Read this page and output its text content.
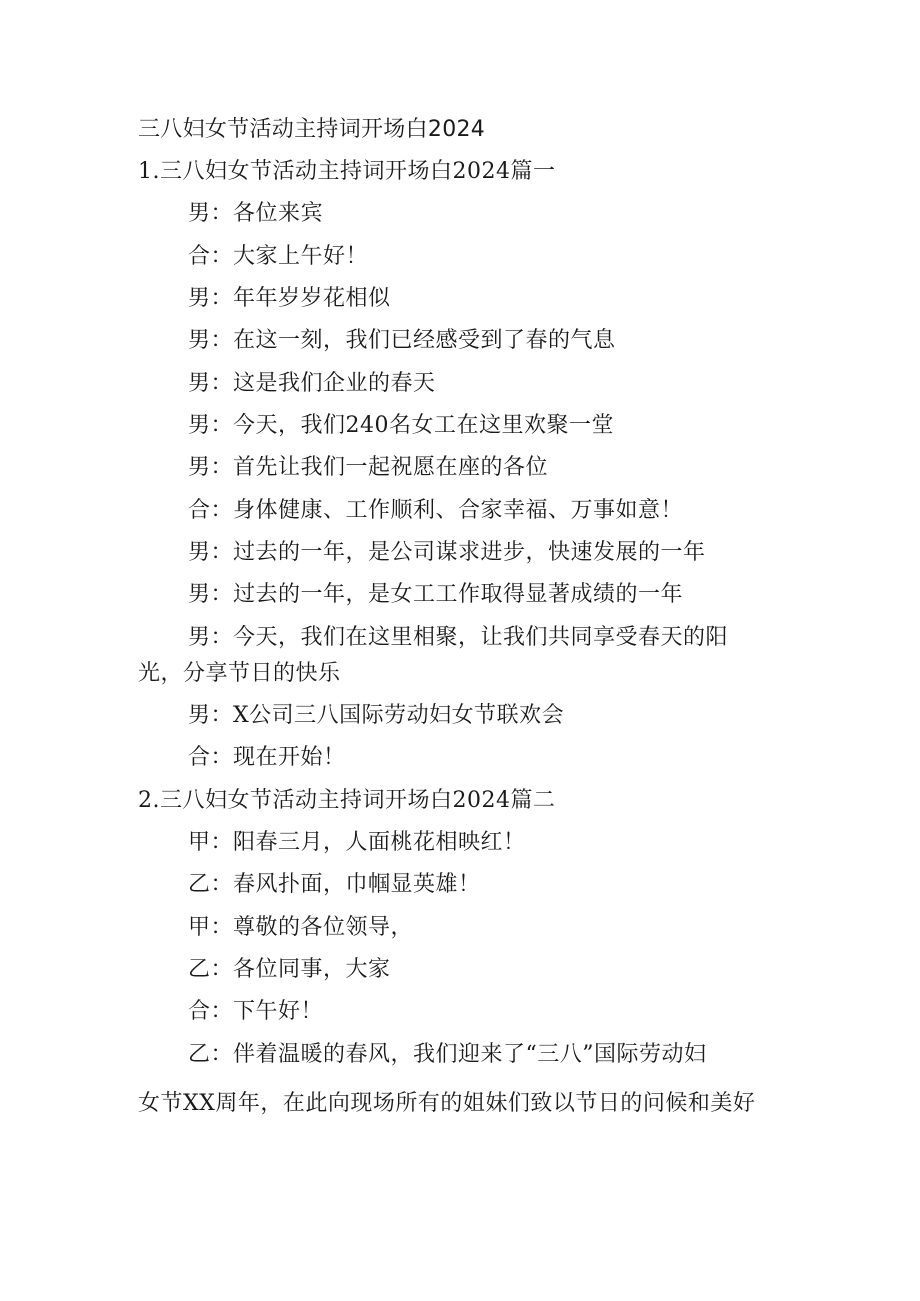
三八妇女节活动主持词开场白2024
1.三八妇女节活动主持词开场白2024篇一
男：各位来宾
合：大家上午好！
男：年年岁岁花相似
男：在这一刻，我们已经感受到了春的气息
男：这是我们企业的春天
男：今天，我们240名女工在这里欢聚一堂
男：首先让我们一起祝愿在座的各位
合：身体健康、工作顺利、合家幸福、万事如意！
男：过去的一年，是公司谋求进步，快速发展的一年
男：过去的一年，是女工工作取得显著成绩的一年
男：今天，我们在这里相聚，让我们共同享受春天的阳
光，分享节日的快乐
男：X公司三八国际劳动妇女节联欢会
合：现在开始！
2.三八妇女节活动主持词开场白2024篇二
甲：阳春三月，人面桃花相映红！
乙：春风扑面，巾帼显英雄！
甲：尊敬的各位领导，
乙：各位同事，大家
合：下午好！
乙：伴着温暖的春风，我们迎来了“三八”国际劳动妇
女节XX周年，在此向现场所有的姐妹们致以节日的问候和美好
